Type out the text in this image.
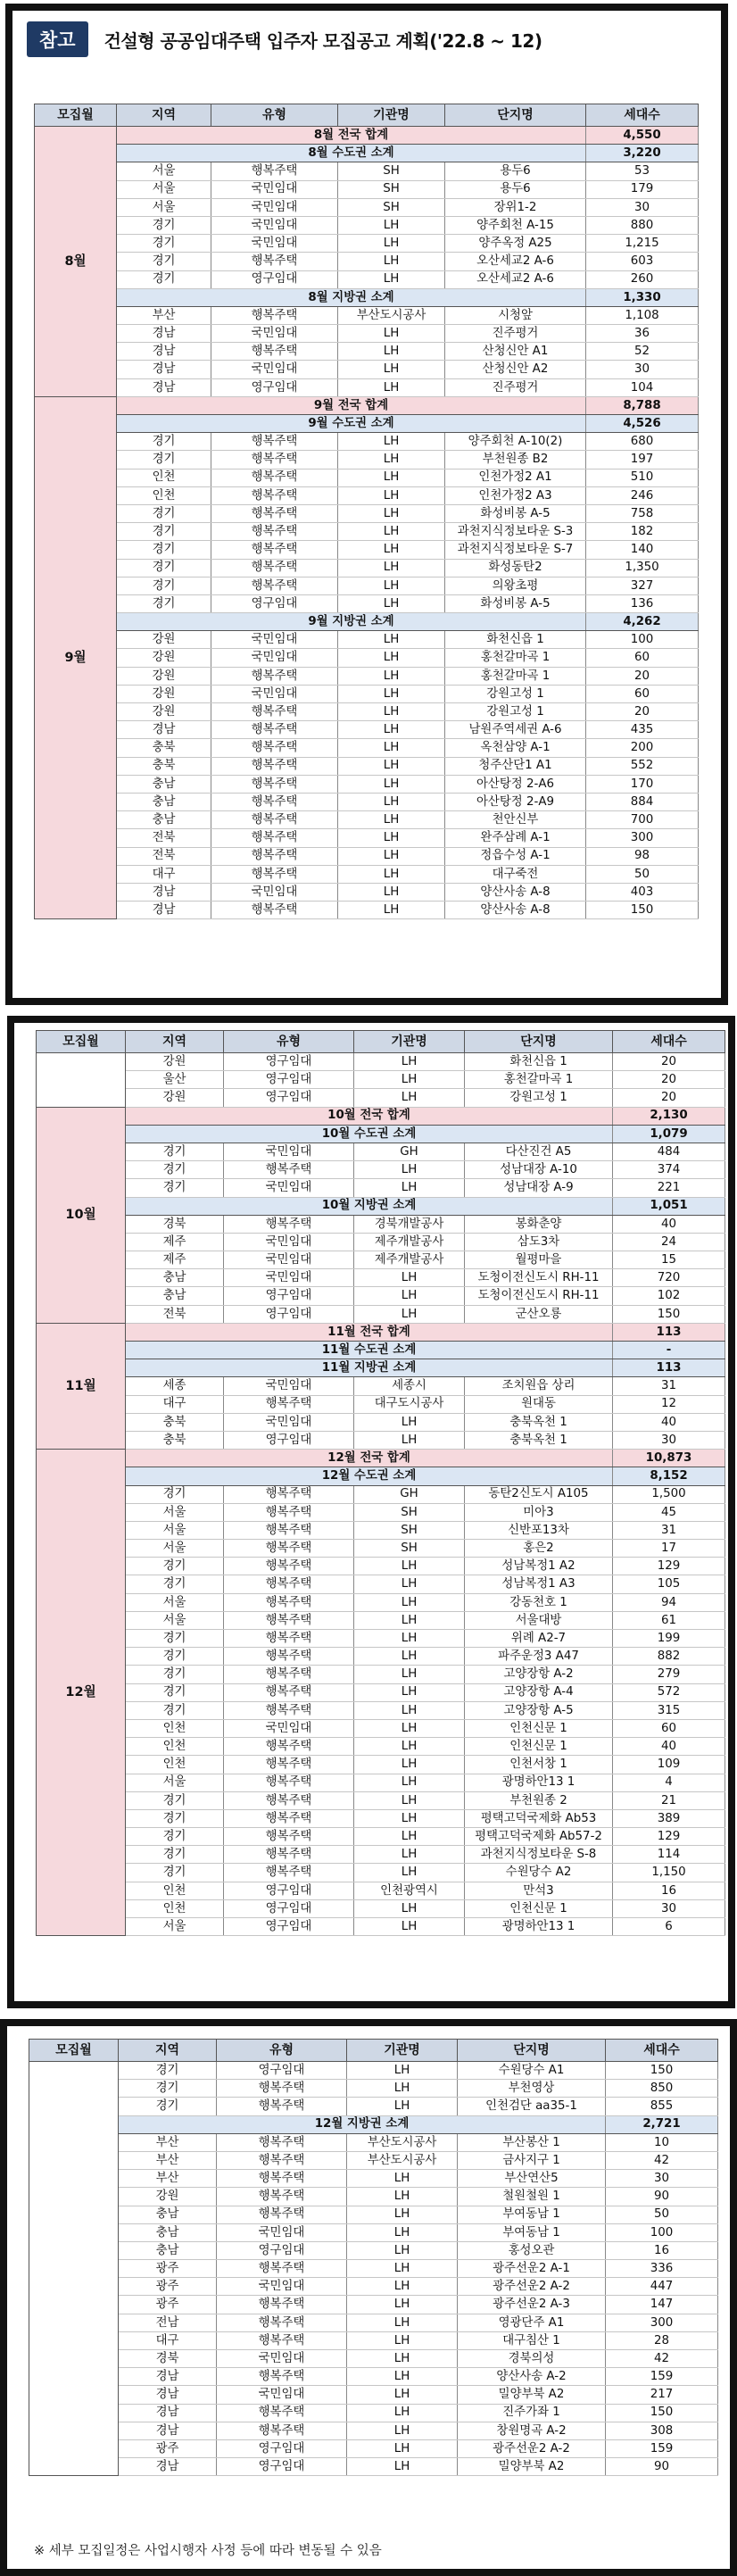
참고	건설형 공공임대주택 입주자 모집공고 계획('22.8 ~ 12)
모집월	지역	유형	기관명	단지명	세대수
8월	8월 전국 합계				4,550
	8월 수도권 소계				3,220
	서울	행복주택	SH	용두6	53
	서울	국민임대	SH	용두6	179
	서울	국민임대	SH	장위1-2	30
	경기	국민임대	LH	양주회천 A-15	880
	경기	국민임대	LH	양주옥정 A25	1,215
	경기	행복주택	LH	오산세교2 A-6	603
	경기	영구임대	LH	오산세교2 A-6	260
	8월 지방권 소계				1,330
	부산	행복주택	부산도시공사	시청앞	1,108
	경남	국민임대	LH	진주평거	36
	경남	행복주택	LH	산청신안 A1	52
	경남	국민임대	LH	산청신안 A2	30
	경남	영구임대	LH	진주평거	104
9월	9월 전국 합계				8,788
	9월 수도권 소계				4,526
	경기	행복주택	LH	양주회천 A-10(2)	680
	경기	행복주택	LH	부천원종 B2	197
	인천	행복주택	LH	인천가정2 A1	510
	인천	행복주택	LH	인천가정2 A3	246
	경기	행복주택	LH	화성비봉 A-5	758
	경기	행복주택	LH	과천지식정보타운 S-3	182
	경기	행복주택	LH	과천지식정보타운 S-7	140
	경기	행복주택	LH	화성동탄2	1,350
	경기	행복주택	LH	의왕초평	327
	경기	영구임대	LH	화성비봉 A-5	136
	9월 지방권 소계				4,262
	강원	국민임대	LH	화천신읍 1	100
	강원	국민임대	LH	홍천갈마곡 1	60
	강원	행복주택	LH	홍천갈마곡 1	20
	강원	국민임대	LH	강원고성 1	60
	강원	행복주택	LH	강원고성 1	20
	경남	행복주택	LH	남원주역세권 A-6	435
	충북	행복주택	LH	옥천삼양 A-1	200
	충북	행복주택	LH	청주산단1 A1	552
	충남	행복주택	LH	아산탕정 2-A6	170
	충남	행복주택	LH	아산탕정 2-A9	884
	충남	행복주택	LH	천안신부	700
	전북	행복주택	LH	완주삼례 A-1	300
	전북	행복주택	LH	정읍수성 A-1	98
	대구	행복주택	LH	대구죽전	50
	경남	국민임대	LH	양산사송 A-8	403
	경남	행복주택	LH	양산사송 A-8	150
모집월	지역	유형	기관명	단지명	세대수
	강원	영구임대	LH	화천신읍 1	20
	울산	영구임대	LH	홍천갈마곡 1	20
	강원	영구임대	LH	강원고성 1	20
10월	10월 전국 합계				2,130
	10월 수도권 소계				1,079
	경기	국민임대	GH	다산진건 A5	484
	경기	행복주택	LH	성남대장 A-10	374
	경기	국민임대	LH	성남대장 A-9	221
	10월 지방권 소계				1,051
	경북	행복주택	경북개발공사	봉화춘양	40
	제주	국민임대	제주개발공사	삼도3차	24
	제주	국민임대	제주개발공사	월평마을	15
	충남	국민임대	LH	도청이전신도시 RH-11	720
	충남	영구임대	LH	도청이전신도시 RH-11	102
	전북	영구임대	LH	군산오룡	150
11월	11월 전국 합계				113
	11월 수도권 소계				-
	11월 지방권 소계				113
	세종	국민임대	세종시	조치원읍 상리	31
	대구	행복주택	대구도시공사	원대동	12
	충북	국민임대	LH	충북옥천 1	40
	충북	영구임대	LH	충북옥천 1	30
12월	12월 전국 합계				10,873
	12월 수도권 소계				8,152
	경기	행복주택	GH	동탄2신도시 A105	1,500
	서울	행복주택	SH	미아3	45
	서울	행복주택	SH	신반포13차	31
	서울	행복주택	SH	홍은2	17
	경기	행복주택	LH	성남복정1 A2	129
	경기	행복주택	LH	성남복정1 A3	105
	서울	행복주택	LH	강동천호 1	94
	서울	행복주택	LH	서울대방	61
	경기	행복주택	LH	위례 A2-7	199
	경기	행복주택	LH	파주운정3 A47	882
	경기	행복주택	LH	고양장항 A-2	279
	경기	행복주택	LH	고양장항 A-4	572
	경기	행복주택	LH	고양장항 A-5	315
	인천	국민임대	LH	인천신문 1	60
	인천	행복주택	LH	인천신문 1	40
	인천	행복주택	LH	인천서창 1	109
	서울	행복주택	LH	광명하안13 1	4
	경기	행복주택	LH	부천원종 2	21
	경기	행복주택	LH	평택고덕국제화 Ab53	389
	경기	행복주택	LH	평택고덕국제화 Ab57-2	129
	경기	행복주택	LH	과천지식정보타운 S-8	114
	경기	행복주택	LH	수원당수 A2	1,150
	인천	영구임대	인천광역시	만석3	16
	인천	영구임대	LH	인천신문 1	30
	서울	영구임대	LH	광명하안13 1	6
※ 세부 모집일정은 사업시행자 사정 등에 따라 변동될 수 있음
모집월	지역	유형	기관명	단지명	세대수
	경기	영구임대	LH	수원당수 A1	150
	경기	행복주택	LH	부천영상	850
	경기	행복주택	LH	인천검단 aa35-1	855
	12월 지방권 소계				2,721
	부산	행복주택	부산도시공사	부산봉산 1	10
	부산	행복주택	부산도시공사	금사지구 1	42
	부산	행복주택	LH	부산연산5	30
	강원	행복주택	LH	철원철원 1	90
	충남	행복주택	LH	부여동남 1	50
	충남	국민임대	LH	부여동남 1	100
	충남	영구임대	LH	홍성오관	16
	광주	행복주택	LH	광주선운2 A-1	336
	광주	국민임대	LH	광주선운2 A-2	447
	광주	행복주택	LH	광주선운2 A-3	147
	전남	행복주택	LH	영광단주 A1	300
	대구	행복주택	LH	대구침산 1	28
	경북	국민임대	LH	경북의성	42
	경남	행복주택	LH	양산사송 A-2	159
	경남	국민임대	LH	밀양부북 A2	217
	경남	행복주택	LH	진주가좌 1	150
	경남	행복주택	LH	창원명곡 A-2	308
	광주	영구임대	LH	광주선운2 A-2	159
	경남	영구임대	LH	밀양부북 A2	90
